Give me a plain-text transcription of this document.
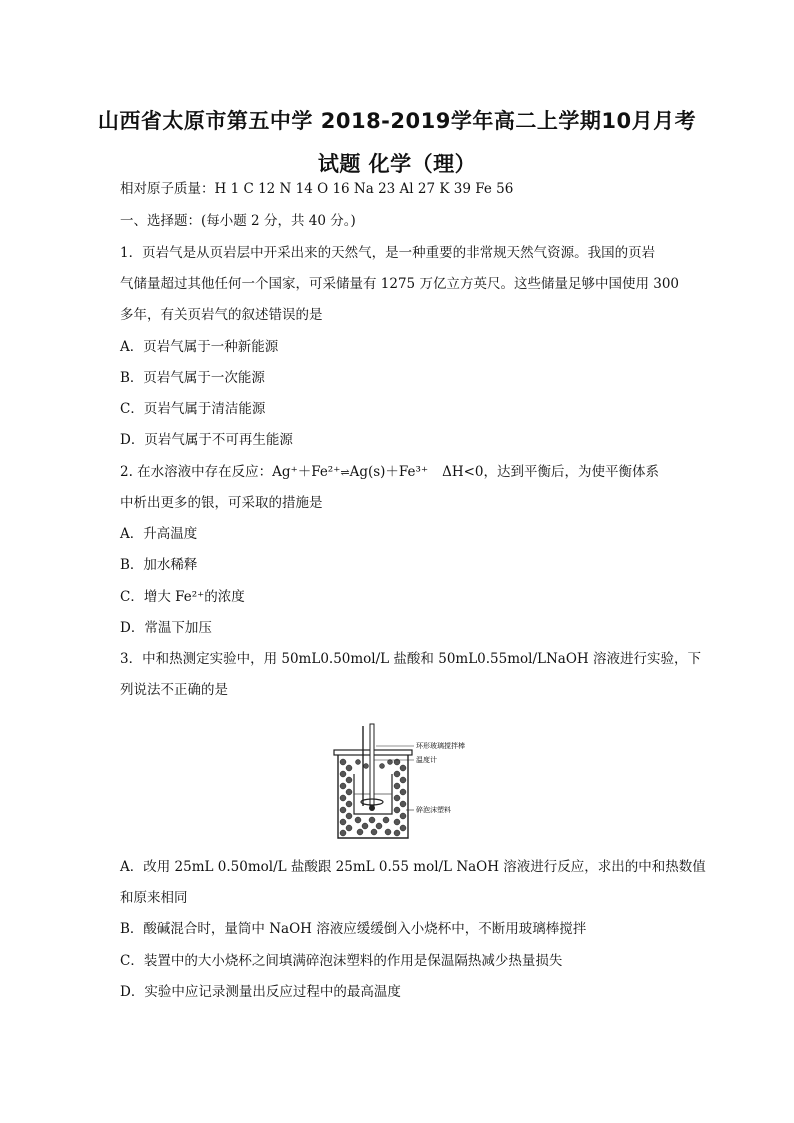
山西省太原市第五中学 2018-2019学年高二上学期10月月考
试题 化学（理）
相对原子质量：H 1 C 12 N 14 O 16 Na 23 Al 27 K 39 Fe 56
一、选择题：(每小题 2 分，共 40 分。)
1．页岩气是从页岩层中开采出来的天然气，是一种重要的非常规天然气资源。我国的页岩
气储量超过其他任何一个国家，可采储量有 1275 万亿立方英尺。这些储量足够中国使用 300
多年，有关页岩气的叙述错误的是
A．页岩气属于一种新能源
B．页岩气属于一次能源
C．页岩气属于清洁能源
D．页岩气属于不可再生能源
2. 在水溶液中存在反应：Ag⁺＋Fe²⁺⇌Ag(s)＋Fe³⁺ ΔH<0，达到平衡后，为使平衡体系
中析出更多的银，可采取的措施是
A．升高温度
B．加水稀释
C．增大 Fe²⁺的浓度
D．常温下加压
3．中和热测定实验中，用 50mL0.50mol/L 盐酸和 50mL0.55mol/LNaOH 溶液进行实验，下
列说法不正确的是
环形玻璃搅拌棒
温度计
碎泡沫塑料
A．改用 25mL 0.50mol/L 盐酸跟 25mL 0.55 mol/L NaOH 溶液进行反应，求出的中和热数值
和原来相同
B．酸碱混合时，量筒中 NaOH 溶液应缓缓倒入小烧杯中，不断用玻璃棒搅拌
C．装置中的大小烧杯之间填满碎泡沫塑料的作用是保温隔热减少热量损失
D．实验中应记录测量出反应过程中的最高温度
